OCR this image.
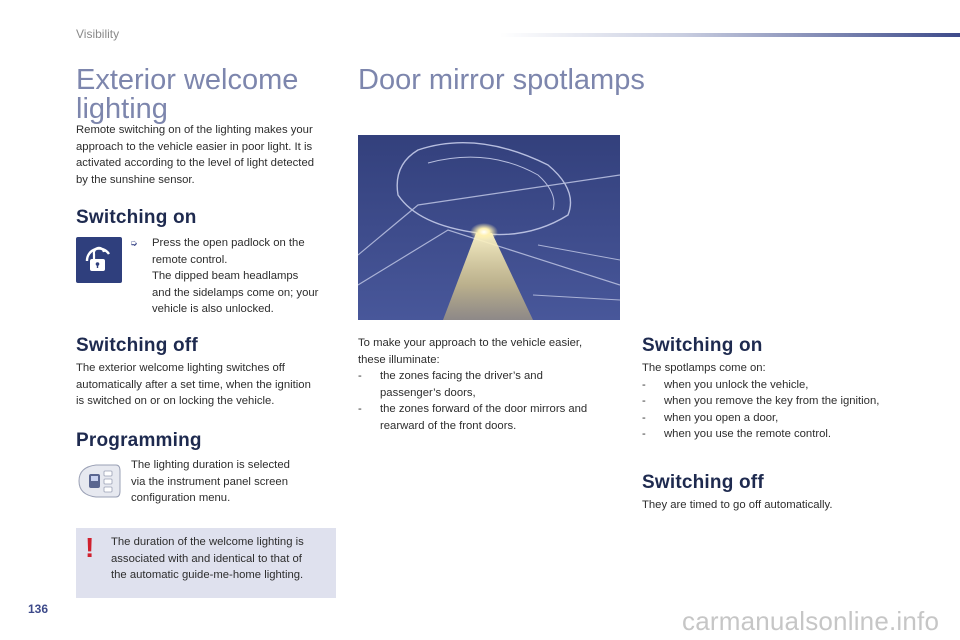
Visibility
Exterior welcome
lighting
Remote switching on of the lighting makes your
approach to the vehicle easier in poor light. It is
activated according to the level of light detected
by the sunshine sensor.
Switching on
➭ Press the open padlock on the
remote control.
The dipped beam headlamps
and the sidelamps come on; your
vehicle is also unlocked.
Switching off
The exterior welcome lighting switches off
automatically after a set time, when the ignition
is switched on or on locking the vehicle.
Programming
The lighting duration is selected
via the instrument panel screen
configuration menu.
! The duration of the welcome lighting is
associated with and identical to that of
the automatic guide-me-home lighting.
Door mirror spotlamps
To make your approach to the vehicle easier,
these illuminate:
- the zones facing the driver’s and
passenger’s doors,
- the zones forward of the door mirrors and
rearward of the front doors.
Switching on
The spotlamps come on:
- when you unlock the vehicle,
- when you remove the key from the ignition,
- when you open a door,
- when you use the remote control.
Switching off
They are timed to go off automatically.
136	carmanualsonline.info
